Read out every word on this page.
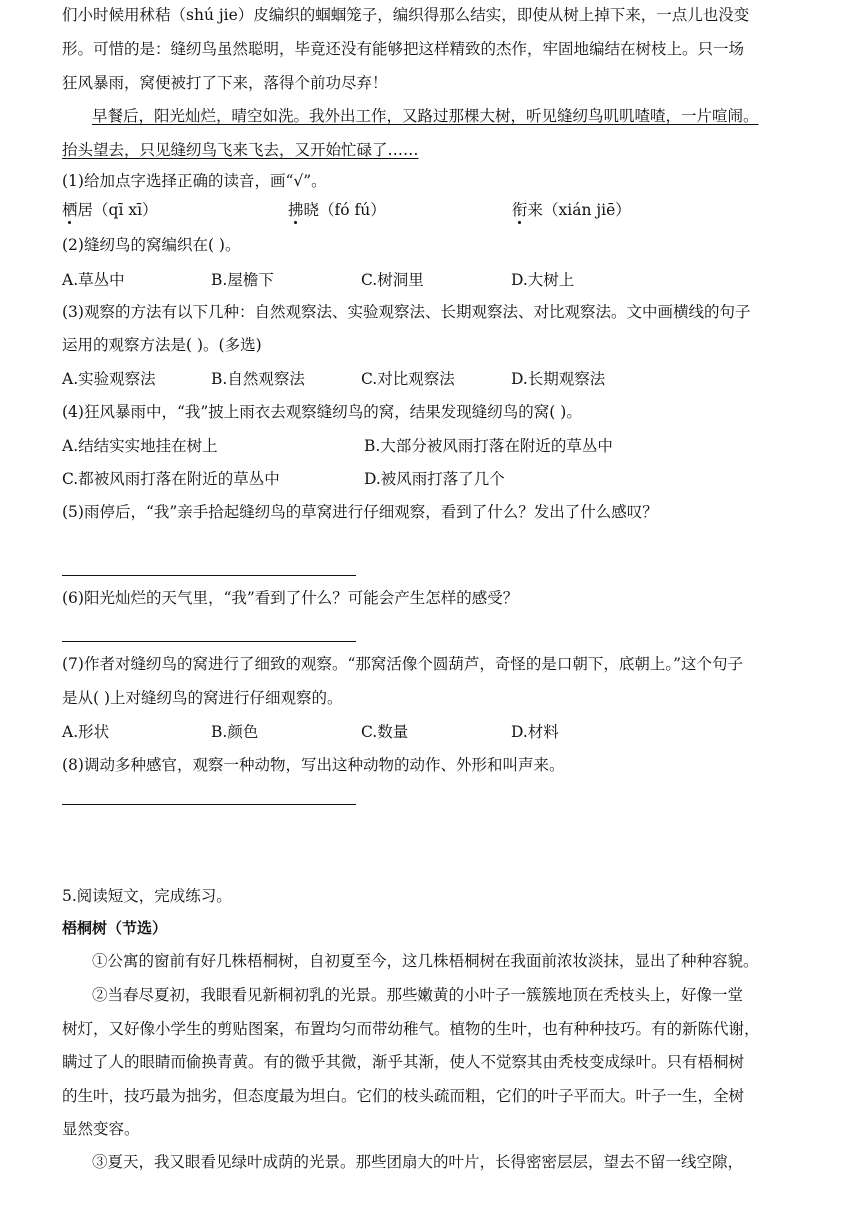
们小时候用秫秸（shú jie）皮编织的蝈蝈笼子，编织得那么结实，即使从树上掉下来，一点儿也没变
形。可惜的是：缝纫鸟虽然聪明，毕竟还没有能够把这样精致的杰作，牢固地编结在树枝上。只一场
狂风暴雨，窝便被打了下来，落得个前功尽弃！
早餐后，阳光灿烂，晴空如洗。我外出工作，又路过那棵大树，听见缝纫鸟叽叽喳喳，一片喧闹。
抬头望去，只见缝纫鸟飞来飞去，又开始忙碌了……
(1)给加点字选择正确的读音，画“√”。
栖居（qī xī）	拂晓（fó fú）	衔来（xián jiē）
(2)缝纫鸟的窝编织在( )。
A.草丛中	B.屋檐下	C.树洞里	D.大树上
(3)观察的方法有以下几种：自然观察法、实验观察法、长期观察法、对比观察法。文中画横线的句子
运用的观察方法是( )。(多选)
A.实验观察法	B.自然观察法	C.对比观察法	D.长期观察法
(4)狂风暴雨中，“我”披上雨衣去观察缝纫鸟的窝，结果发现缝纫鸟的窝( )。
A.结结实实地挂在树上	B.大部分被风雨打落在附近的草丛中
C.都被风雨打落在附近的草丛中	D.被风雨打落了几个
(5)雨停后，“我”亲手拾起缝纫鸟的草窝进行仔细观察，看到了什么？发出了什么感叹？
(6)阳光灿烂的天气里，“我”看到了什么？可能会产生怎样的感受？
(7)作者对缝纫鸟的窝进行了细致的观察。“那窝活像个圆葫芦，奇怪的是口朝下，底朝上。”这个句子
是从( )上对缝纫鸟的窝进行仔细观察的。
A.形状	B.颜色	C.数量	D.材料
(8)调动多种感官，观察一种动物，写出这种动物的动作、外形和叫声来。
5.阅读短文，完成练习。
梧桐树（节选）
①公寓的窗前有好几株梧桐树，自初夏至今，这几株梧桐树在我面前浓妆淡抹，显出了种种容貌。
②当春尽夏初，我眼看见新桐初乳的光景。那些嫩黄的小叶子一簇簇地顶在秃枝头上，好像一堂
树灯，又好像小学生的剪贴图案，布置均匀而带幼稚气。植物的生叶，也有种种技巧。有的新陈代谢，
瞒过了人的眼睛而偷换青黄。有的微乎其微，渐乎其渐，使人不觉察其由秃枝变成绿叶。只有梧桐树
的生叶，技巧最为拙劣，但态度最为坦白。它们的枝头疏而粗，它们的叶子平而大。叶子一生，全树
显然变容。
③夏天，我又眼看见绿叶成荫的光景。那些团扇大的叶片，长得密密层层，望去不留一线空隙，
